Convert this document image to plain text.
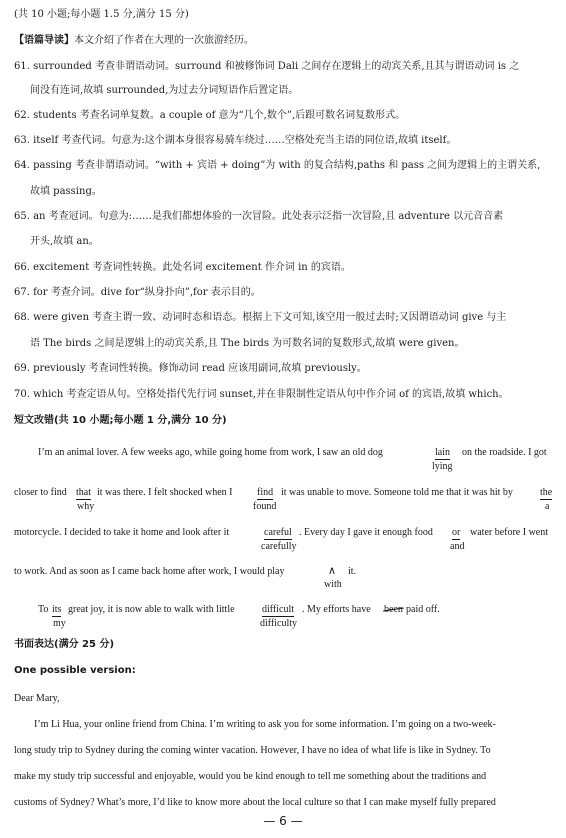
(共 10 小题;每小题 1.5 分,满分 15 分)
【语篇导读】本文介绍了作者在大理的一次旅游经历。
61. surrounded 考查非谓语动词。surround 和被修饰词 Dali 之间存在逻辑上的动宾关系,且其与谓语动词 is 之
间没有连词,故填 surrounded,为过去分词短语作后置定语。
62. students 考查名词单复数。a couple of 意为“几个,数个”,后跟可数名词复数形式。
63. itself 考查代词。句意为:这个湖本身很容易骑车绕过……空格处充当主语的同位语,故填 itself。
64. passing 考查非谓语动词。“with + 宾语 + doing”为 with 的复合结构,paths 和 pass 之间为逻辑上的主谓关系,
故填 passing。
65. an 考查冠词。句意为:……是我们都想体验的一次冒险。此处表示泛指一次冒险,且 adventure 以元音音素
开头,故填 an。
66. excitement 考查词性转换。此处名词 excitement 作介词 in 的宾语。
67. for 考查介词。dive for“纵身扑向”,for 表示目的。
68. were given 考查主谓一致、动词时态和语态。根据上下文可知,该空用一般过去时;又因谓语动词 give 与主
语 The birds 之间是逻辑上的动宾关系,且 The birds 为可数名词的复数形式,故填 were given。
69. previously 考查词性转换。修饰动词 read 应该用副词,故填 previously。
70. which 考查定语从句。空格处指代先行词 sunset,并在非限制性定语从句中作介词 of 的宾语,故填 which。
短文改错(共 10 小题;每小题 1 分,满分 10 分)
I’m an animal lover. A few weeks ago, while going home from work, I saw an old dog	lain
lying
on the roadside. I got
closer to find that
why
it was there. I felt shocked when I find
found
it was unable to move. Someone told me that it was hit by	the
a
motorcycle. I decided to take it home and look after it	careful
carefully
. Every day I gave it enough food or
and
water before I went
to work. And as soon as I came back home after work, I would play	∧
with
it.
To its
my
great joy, it is now able to walk with little	difficult
difficulty
. My efforts have been paid off.
书面表达(满分 25 分)
One possible version:
Dear Mary,
I’m Li Hua, your online friend from China. I’m writing to ask you for some information. I’m going on a two-week-
long study trip to Sydney during the coming winter vacation. However, I have no idea of what life is like in Sydney. To
make my study trip successful and enjoyable, would you be kind enough to tell me something about the traditions and
customs of Sydney? What’s more, I’d like to know more about the local culture so that I can make myself fully prepared
— 6 —
